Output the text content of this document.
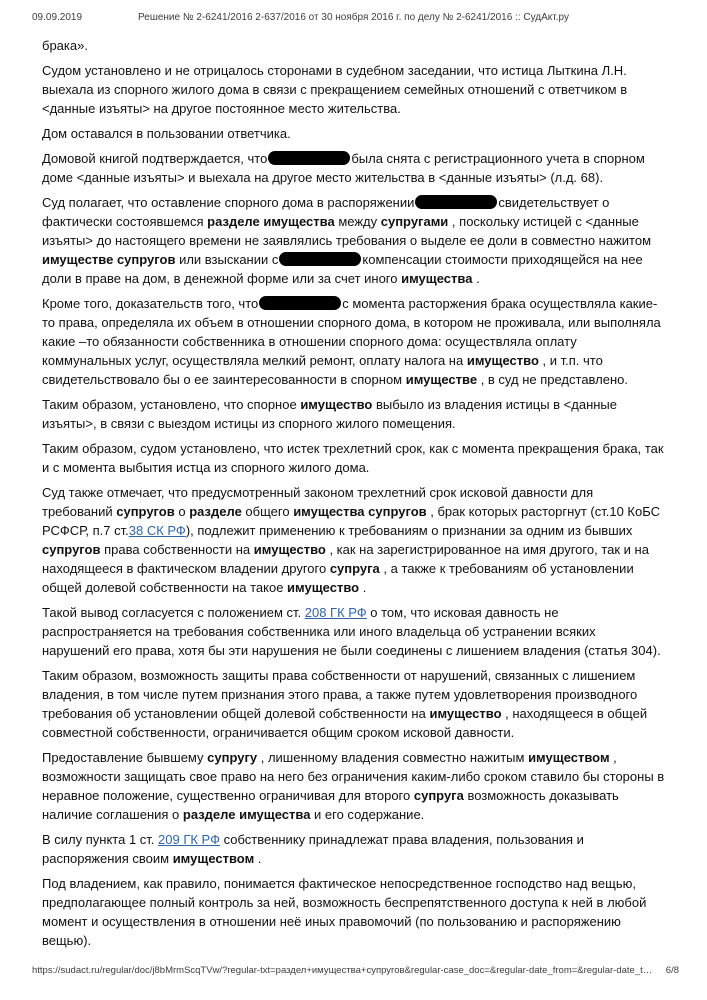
09.09.2019	Решение № 2-6241/2016 2-637/2016 от 30 ноября 2016 г. по делу № 2-6241/2016 :: СудАкт.ру

брака».

Судом установлено и не отрицалось сторонами в судебном заседании, что истица Лыткина Л.Н. выехала из спорного жилого дома в связи с прекращением семейных отношений с ответчиком в <данные изъяты> на другое постоянное место жительства.

Дом оставался в пользовании ответчика.

Домовой книгой подтверждается, что	была снята с регистрационного учета в спорном доме <данные изъяты> и выехала на другое место жительства в <данные изъяты> (л.д. 68).

Суд полагает, что оставление спорного дома в распоряжении	свидетельствует о фактически состоявшемся разделе имущества между супругами , поскольку истицей с <данные изъяты> до настоящего времени не заявлялись требования о выделе ее доли в совместно нажитом имуществе супругов или взыскании с	компенсации стоимости приходящейся на нее доли в праве на дом, в денежной форме или за счет иного имущества .

Кроме того, доказательств того, что	с момента расторжения брака осуществляла какие-то права, определяла их объем в отношении спорного дома, в котором не проживала, или выполняла какие –то обязанности собственника в отношении спорного дома: осуществляла оплату коммунальных услуг, осуществляла мелкий ремонт, оплату налога на имущество , и т.п. что свидетельствовало бы о ее заинтересованности в спорном имуществе , в суд не представлено.

Таким образом, установлено, что спорное имущество выбыло из владения истицы в <данные изъяты>, в связи с выездом истицы из спорного жилого помещения.

Таким образом, судом установлено, что истек трехлетний срок, как с момента прекращения брака, так и с момента выбытия истца из спорного жилого дома.

Суд также отмечает, что предусмотренный законом трехлетний срок исковой давности для требований супругов о разделе общего имущества супругов , брак которых расторгнут (ст.10 КоБС РСФСР, п.7 ст.38 СК РФ), подлежит применению к требованиям о признании за одним из бывших супругов права собственности на имущество , как на зарегистрированное на имя другого, так и на находящееся в фактическом владении другого супруга , а также к требованиям об установлении общей долевой собственности на такое имущество .

Такой вывод согласуется с положением ст. 208 ГК РФ о том, что исковая давность не распространяется на требования собственника или иного владельца об устранении всяких нарушений его права, хотя бы эти нарушения не были соединены с лишением владения (статья 304).

Таким образом, возможность защиты права собственности от нарушений, связанных с лишением владения, в том числе путем признания этого права, а также путем удовлетворения производного требования об установлении общей долевой собственности на имущество , находящееся в общей совместной собственности, ограничивается общим сроком исковой давности.

Предоставление бывшему супругу , лишенному владения совместно нажитым имуществом , возможности защищать свое право на него без ограничения каким-либо сроком ставило бы стороны в неравное положение, существенно ограничивая для второго супруга возможность доказывать наличие соглашения о разделе имущества и его содержание.

В силу пункта 1 ст. 209 ГК РФ собственнику принадлежат права владения, пользования и распоряжения своим имуществом .

Под владением, как правило, понимается фактическое непосредственное господство над вещью, предполагающее полный контроль за ней, возможность беспрепятственного доступа к ней в любой момент и осуществления в отношении неё иных правомочий (по пользованию и распоряжению вещью).

https://sudact.ru/regular/doc/j8bMrmScqTVw/?regular-txt=раздел+имущества+супругов&regular-case_doc=&regular-date_from=&regular-date_t… 6/8
